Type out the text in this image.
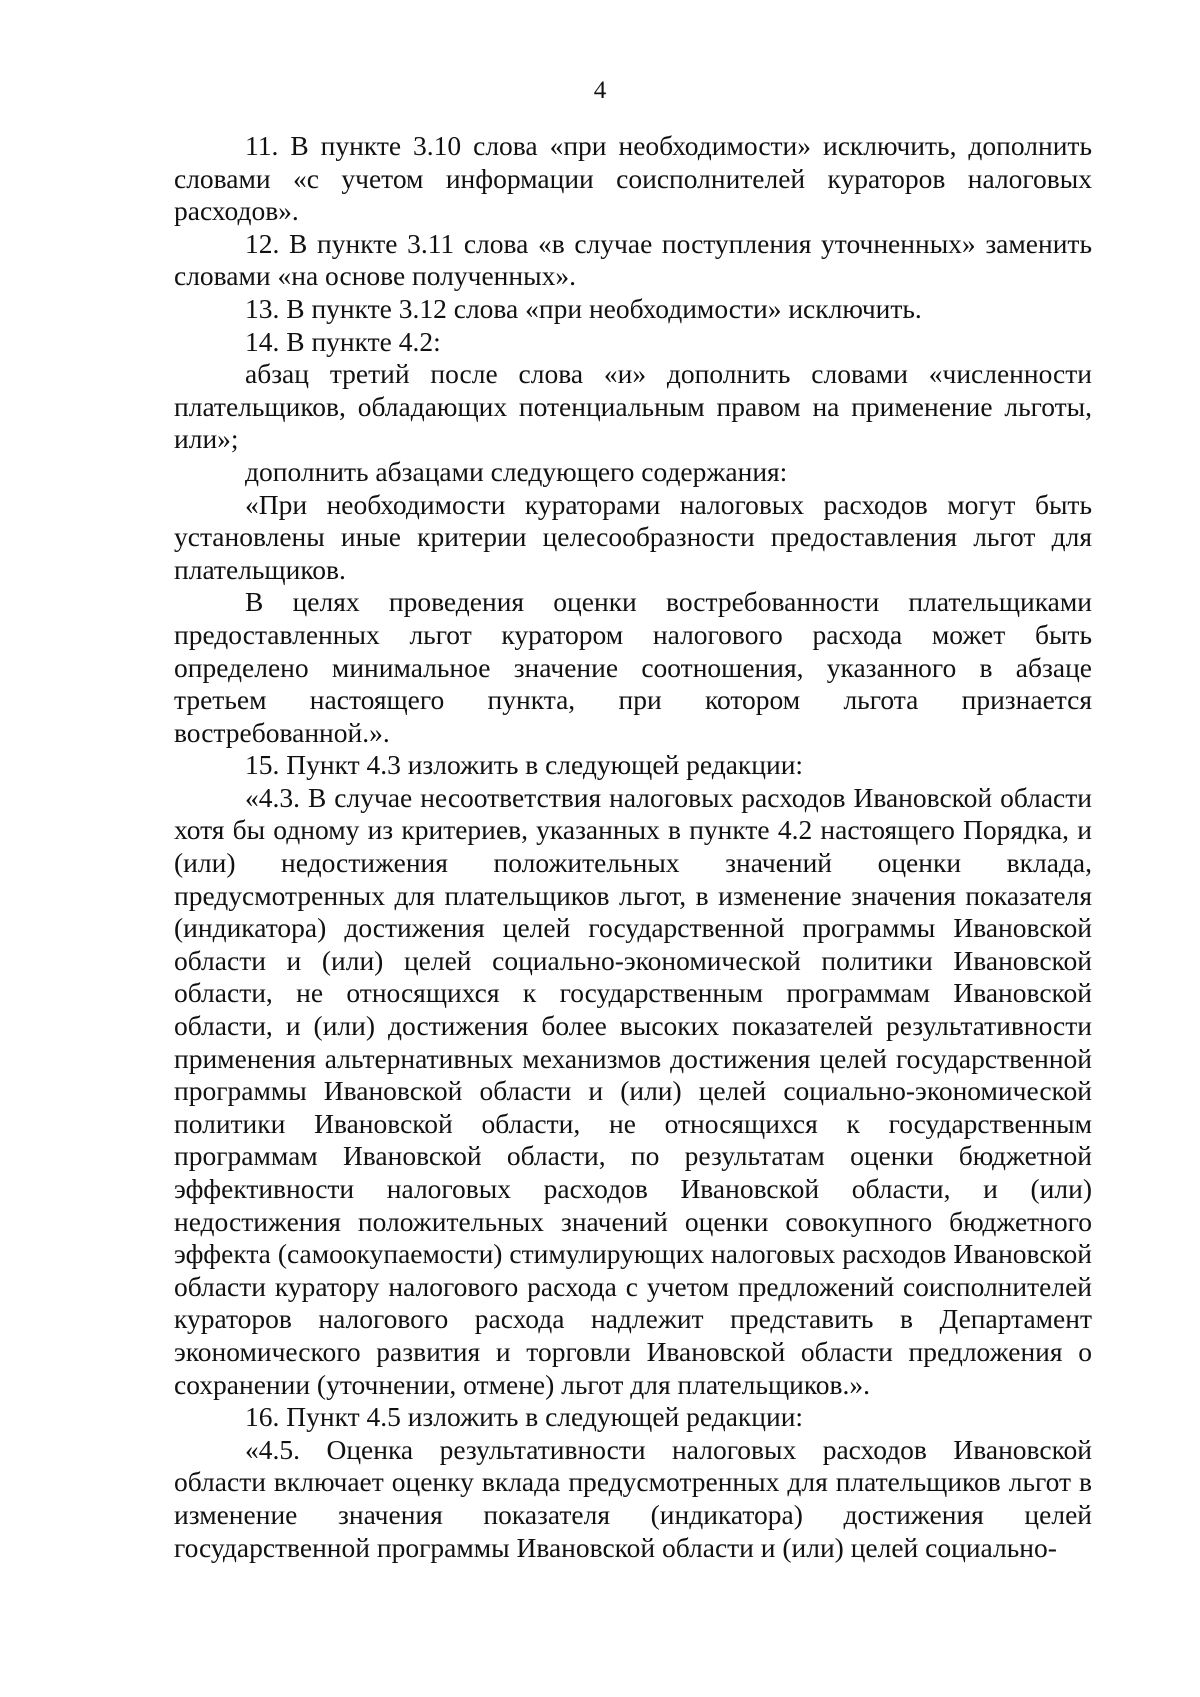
4

11. В пункте 3.10 слова «при необходимости» исключить, дополнить словами «с учетом информации соисполнителей кураторов налоговых расходов».

12. В пункте 3.11 слова «в случае поступления уточненных» заменить словами «на основе полученных».

13. В пункте 3.12 слова «при необходимости» исключить.

14. В пункте 4.2:

абзац третий после слова «и» дополнить словами «численности плательщиков, обладающих потенциальным правом на применение льготы, или»;

дополнить абзацами следующего содержания:

«При необходимости кураторами налоговых расходов могут быть установлены иные критерии целесообразности предоставления льгот для плательщиков.

В целях проведения оценки востребованности плательщиками предоставленных льгот куратором налогового расхода может быть определено минимальное значение соотношения, указанного в абзаце третьем настоящего пункта, при котором льгота признается востребованной.».

15. Пункт 4.3 изложить в следующей редакции:

«4.3. В случае несоответствия налоговых расходов Ивановской области хотя бы одному из критериев, указанных в пункте 4.2 настоящего Порядка, и (или) недостижения положительных значений оценки вклада, предусмотренных для плательщиков льгот, в изменение значения показателя (индикатора) достижения целей государственной программы Ивановской области и (или) целей социально-экономической политики Ивановской области, не относящихся к государственным программам Ивановской области, и (или) достижения более высоких показателей результативности применения альтернативных механизмов достижения целей государственной программы Ивановской области и (или) целей социально-экономической политики Ивановской области, не относящихся к государственным программам Ивановской области, по результатам оценки бюджетной эффективности налоговых расходов Ивановской области, и (или) недостижения положительных значений оценки совокупного бюджетного эффекта (самоокупаемости) стимулирующих налоговых расходов Ивановской области куратору налогового расхода с учетом предложений соисполнителей кураторов налогового расхода надлежит представить в Департамент экономического развития и торговли Ивановской области предложения о сохранении (уточнении, отмене) льгот для плательщиков.».

16. Пункт 4.5 изложить в следующей редакции:

«4.5. Оценка результативности налоговых расходов Ивановской области включает оценку вклада предусмотренных для плательщиков льгот в изменение значения показателя (индикатора) достижения целей государственной программы Ивановской области и (или) целей социально-
